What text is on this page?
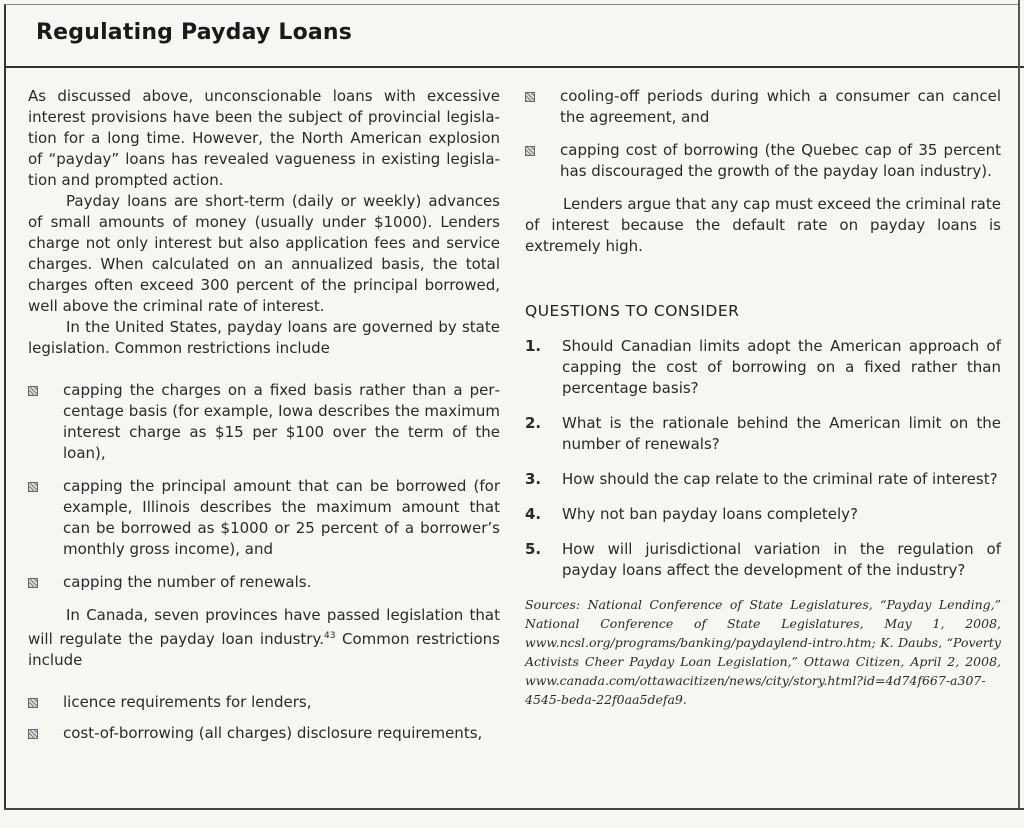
Regulating Payday Loans

As discussed above, unconscionable loans with excessive interest provisions have been the subject of provincial legislation for a long time. However, the North American explosion of “payday” loans has revealed vagueness in existing legislation and prompted action.

Payday loans are short-term (daily or weekly) advances of small amounts of money (usually under $1000). Lenders charge not only interest but also application fees and service charges. When calculated on an annualized basis, the total charges often exceed 300 percent of the principal borrowed, well above the criminal rate of interest.

In the United States, payday loans are governed by state legislation. Common restrictions include

capping the charges on a fixed basis rather than a percentage basis (for example, Iowa describes the maximum interest charge as $15 per $100 over the term of the loan),
capping the principal amount that can be borrowed (for example, Illinois describes the maximum amount that can be borrowed as $1000 or 25 percent of a borrower’s monthly gross income), and
capping the number of renewals.

In Canada, seven provinces have passed legislation that will regulate the payday loan industry.$^{43}$ Common restrictions include

licence requirements for lenders,
cost-of-borrowing (all charges) disclosure requirements,
cooling-off periods during which a consumer can cancel the agreement, and
capping cost of borrowing (the Quebec cap of 35 percent has discouraged the growth of the payday loan industry).

Lenders argue that any cap must exceed the criminal rate of interest because the default rate on payday loans is extremely high.

QUESTIONS TO CONSIDER
1. Should Canadian limits adopt the American approach of capping the cost of borrowing on a fixed rather than percentage basis?
2. What is the rationale behind the American limit on the number of renewals?
3. How should the cap relate to the criminal rate of interest?
4. Why not ban payday loans completely?
5. How will jurisdictional variation in the regulation of payday loans affect the development of the industry?

Sources: National Conference of State Legislatures, “Payday Lending,” National Conference of State Legislatures, May 1, 2008, www.ncsl.org/programs/banking/paydaylend-intro.htm; K. Daubs, “Poverty Activists Cheer Payday Loan Legislation,” Ottawa Citizen, April 2, 2008, www.canada.com/ottawacitizen/news/city/story.html?id=4d74f667-a307-4545-beda-22f0aa5defa9.
